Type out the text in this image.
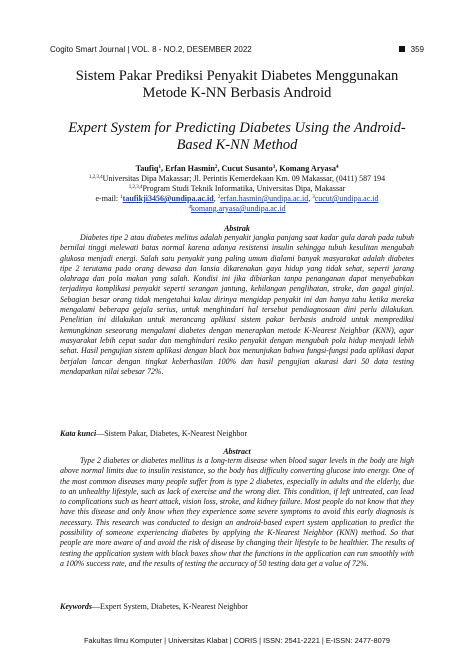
Cogito Smart Journal | VOL. 8 - NO.2, DESEMBER 2022	359
Sistem Pakar Prediksi Penyakit Diabetes Menggunakan
Metode K-NN Berbasis Android
Expert System for Predicting Diabetes Using the Android-
Based K-NN Method
Taufiq$^1$, Erfan Hasmin$^2$, Cucut Susanto$^3$, Komang Aryasa$^4$
$^{1,2,3,4}$Universitas Dipa Makassar; Jl. Perintis Kemerdekaan Km. 09 Makassar, (0411) 587 194
$^{1,2,3,4}$Program Studi Teknik Informatika, Universitas Dipa, Makassar
e-mail: $^1$taufikji3456@undipa.ac.id, $^2$erfan.hasmin@undipa.ac.id, $^3$cucut@undipa.ac.id
$^4$komang.aryasa@undipa.ac.id
Abstrak

Diabetes tipe 2 atau diabetes melitus adalah penyakit jangka panjang saat kadar gula darah pada tubuh bernilai tinggi melewati batas normal karena adanya resistensi insulin sehingga tubuh kesulitan mengubah glukosa menjadi energi. Salah satu penyakit yang paling umum dialami banyak masyarakat adalah diabetes tipe 2 terutama pada orang dewasa dan lansia dikarenakan gaya hidup yang tidak sehat, seperti jarang olahraga dan pola makan yang salah. Kondisi ini jika dibiarkan tanpa penanganan dapat menyebabkan terjadinya komplikasi penyakit seperti serangan jantung, kehilangan penglihatan, stroke, dan gagal ginjal. Sebagian besar orang tidak mengetahui kalau dirinya mengidap penyakit ini dan hanya tahu ketika mereka mengalami beberapa gejala serius, untuk menghindari hal tersebut pendiagnosaan dini perlu dilakukan. Penelitian ini dilakukan untuk merancang aplikasi sistem pakar berbasis android untuk memprediksi kemungkinan seseorang mengalami diabetes dengan menerapkan metode K-Nearest Neighbor (KNN), agar masyarakat lebih cepat sadar dan menghindari resiko penyakit dengan mengubah pola hidup menjadi lebih sehat. Hasil pengujian sistem aplikasi dengan black box menunjukan bahwa fungsi-fungsi pada aplikasi dapat berjalan lancar dengan tingkat keberhasilan 100% dan hasil pengujian akurasi dari 50 data testing mendapatkan nilai sebesar 72%.

Kata kunci—Sistem Pakar, Diabetes, K-Nearest Neighbor
Abstract

Type 2 diabetes or diabetes mellitus is a long-term disease when blood sugar levels in the body are high above normal limits due to insulin resistance, so the body has difficulty converting glucose into energy. One of the most common diseases many people suffer from is type 2 diabetes, especially in adults and the elderly, due to an unhealthy lifestyle, such as lack of exercise and the wrong diet. This condition, if left untreated, can lead to complications such as heart attack, vision loss, stroke, and kidney failure. Most people do not know that they have this disease and only know when they experience some severe symptoms to avoid this early diagnosis is necessary. This research was conducted to design an android-based expert system application to predict the possibility of someone experiencing diabetes by applying the K-Nearest Neighbor (KNN) method. So that people are more aware of and avoid the risk of disease by changing their lifestyle to be healthier. The results of testing the application system with black boxes show that the functions in the application can run smoothly with a 100% success rate, and the results of testing the accuracy of 50 testing data get a value of 72%.

Keywords—Expert System, Diabetes, K-Nearest Neighbor
Fakultas Ilmu Komputer | Universitas Klabat | CORIS | ISSN: 2541-2221 | E-ISSN: 2477-8079
